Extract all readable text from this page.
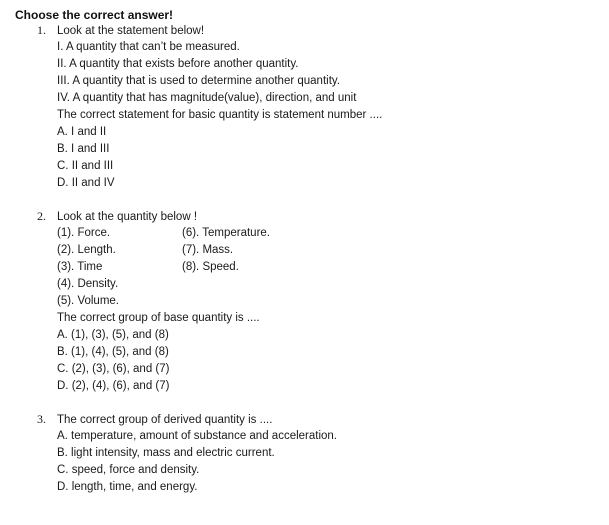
Choose the correct answer!
1. Look at the statement below!
I. A quantity that can’t be measured.
II. A quantity that exists before another quantity.
III. A quantity that is used to determine another quantity.
IV. A quantity that has magnitude(value), direction, and unit
The correct statement for basic quantity is statement number ....
A. I and II
B. I and III
C. II and III
D. II and IV
2. Look at the quantity below !
(1). Force.	(6). Temperature.
(2). Length.	(7). Mass.
(3). Time	(8). Speed.
(4). Density.
(5). Volume.
The correct group of base quantity is ....
A. (1), (3), (5), and (8)
B. (1), (4), (5), and (8)
C. (2), (3), (6), and (7)
D. (2), (4), (6), and (7)
3. The correct group of derived quantity is ....
A. temperature, amount of substance and acceleration.
B. light intensity, mass and electric current.
C. speed, force and density.
D. length, time, and energy.
